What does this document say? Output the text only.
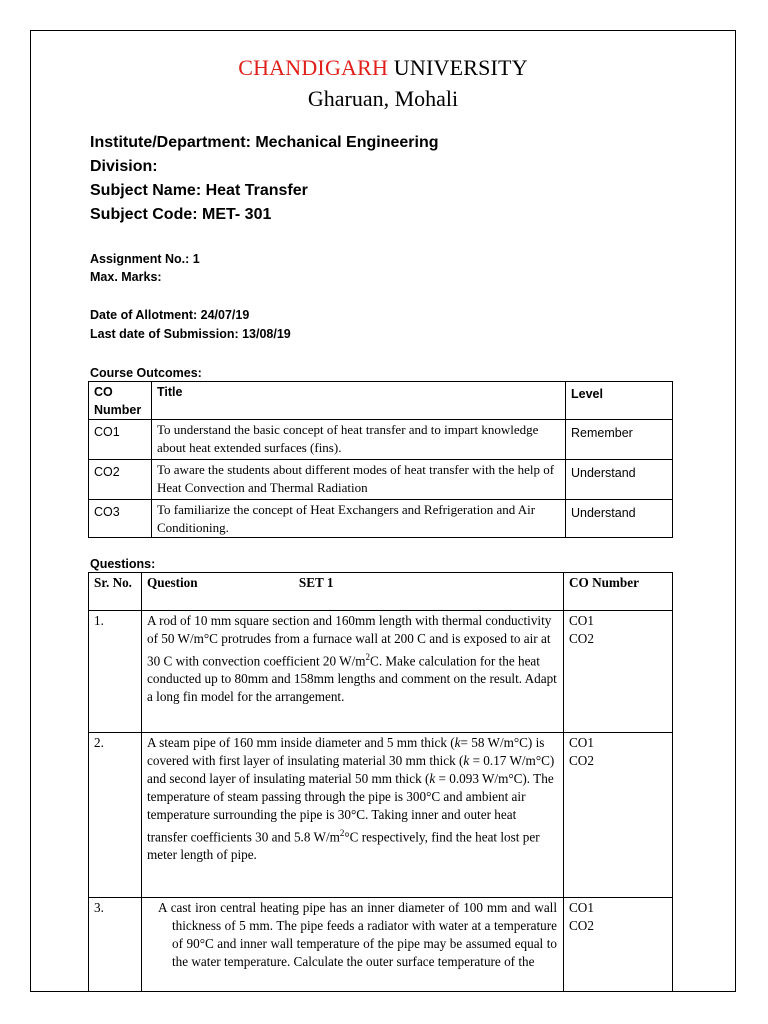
CHANDIGARH UNIVERSITY
Gharuan, Mohali
Institute/Department: Mechanical Engineering
Division:
Subject Name: Heat Transfer
Subject Code: MET- 301
Assignment No.: 1
Max. Marks:
Date of Allotment: 24/07/19
Last date of Submission: 13/08/19
Course Outcomes:
CO Number	Title	Level
CO1	To understand the basic concept of heat transfer and to impart knowledge about heat extended surfaces (fins).	Remember
CO2	To aware the students about different modes of heat transfer with the help of Heat Convection and Thermal Radiation	Understand
CO3	To familiarize the concept of Heat Exchangers and Refrigeration and Air Conditioning.	Understand
Questions:
Sr. No.	Question SET 1	CO Number
1.	A rod of 10 mm square section and 160mm length with thermal conductivity of 50 W/m°C protrudes from a furnace wall at 200 C and is exposed to air at 30 C with convection coefficient 20 $W/m^2C$. Make calculation for the heat conducted up to 80mm and 158mm lengths and comment on the result. Adapt a long fin model for the arrangement.	CO1
CO2

2.	A steam pipe of 160 mm inside diameter and 5 mm thick (k= 58 W/m°C) is covered with first layer of insulating material 30 mm thick (k = 0.17 W/m°C) and second layer of insulating material 50 mm thick (k = 0.093 W/m°C). The temperature of steam passing through the pipe is 300°C and ambient air temperature surrounding the pipe is 30°C. Taking inner and outer heat transfer coefficients 30 and 5.8 $W/m^2^\circ C$ respectively, find the heat lost per meter length of pipe.	CO1
CO2

3.	A cast iron central heating pipe has an inner diameter of 100 mm and wall thickness of 5 mm. The pipe feeds a radiator with water at a temperature of 90°C and inner wall temperature of the pipe may be assumed equal to the water temperature. Calculate the outer surface temperature of the	CO1
CO2
